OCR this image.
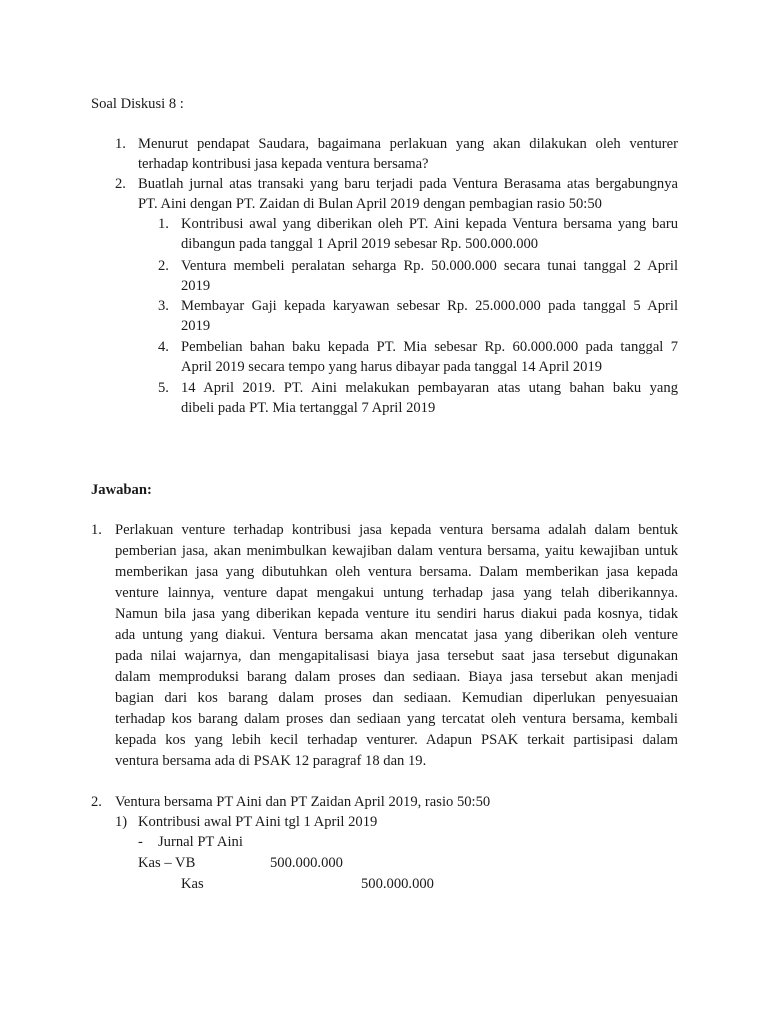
Soal Diskusi 8 :
1. Menurut pendapat Saudara, bagaimana perlakuan yang akan dilakukan oleh venturer
terhadap kontribusi jasa kepada ventura bersama?
2. Buatlah jurnal atas transaki yang baru terjadi pada Ventura Berasama atas bergabungnya
PT. Aini dengan PT. Zaidan di Bulan April 2019 dengan pembagian rasio 50:50
1. Kontribusi awal yang diberikan oleh PT. Aini kepada Ventura bersama yang baru
dibangun pada tanggal 1 April 2019 sebesar Rp. 500.000.000
2. Ventura membeli peralatan seharga Rp. 50.000.000 secara tunai tanggal 2 April
2019
3. Membayar Gaji kepada karyawan sebesar Rp. 25.000.000 pada tanggal 5 April
2019
4. Pembelian bahan baku kepada PT. Mia sebesar Rp. 60.000.000 pada tanggal 7
April 2019 secara tempo yang harus dibayar pada tanggal 14 April 2019
5. 14 April 2019. PT. Aini melakukan pembayaran atas utang bahan baku yang
dibeli pada PT. Mia tertanggal 7 April 2019
Jawaban:
1. Perlakuan venture terhadap kontribusi jasa kepada ventura bersama adalah dalam bentuk
pemberian jasa, akan menimbulkan kewajiban dalam ventura bersama, yaitu kewajiban untuk
memberikan jasa yang dibutuhkan oleh ventura bersama. Dalam memberikan jasa kepada
venture lainnya, venture dapat mengakui untung terhadap jasa yang telah diberikannya.
Namun bila jasa yang diberikan kepada venture itu sendiri harus diakui pada kosnya, tidak
ada untung yang diakui. Ventura bersama akan mencatat jasa yang diberikan oleh venture
pada nilai wajarnya, dan mengapitalisasi biaya jasa tersebut saat jasa tersebut digunakan
dalam memproduksi barang dalam proses dan sediaan. Biaya jasa tersebut akan menjadi
bagian dari kos barang dalam proses dan sediaan. Kemudian diperlukan penyesuaian
terhadap kos barang dalam proses dan sediaan yang tercatat oleh ventura bersama, kembali
kepada kos yang lebih kecil terhadap venturer. Adapun PSAK terkait partisipasi dalam
ventura bersama ada di PSAK 12 paragraf 18 dan 19.
2. Ventura bersama PT Aini dan PT Zaidan April 2019, rasio 50:50
1) Kontribusi awal PT Aini tgl 1 April 2019
- Jurnal PT Aini
Kas – VB	500.000.000
Kas	500.000.000
